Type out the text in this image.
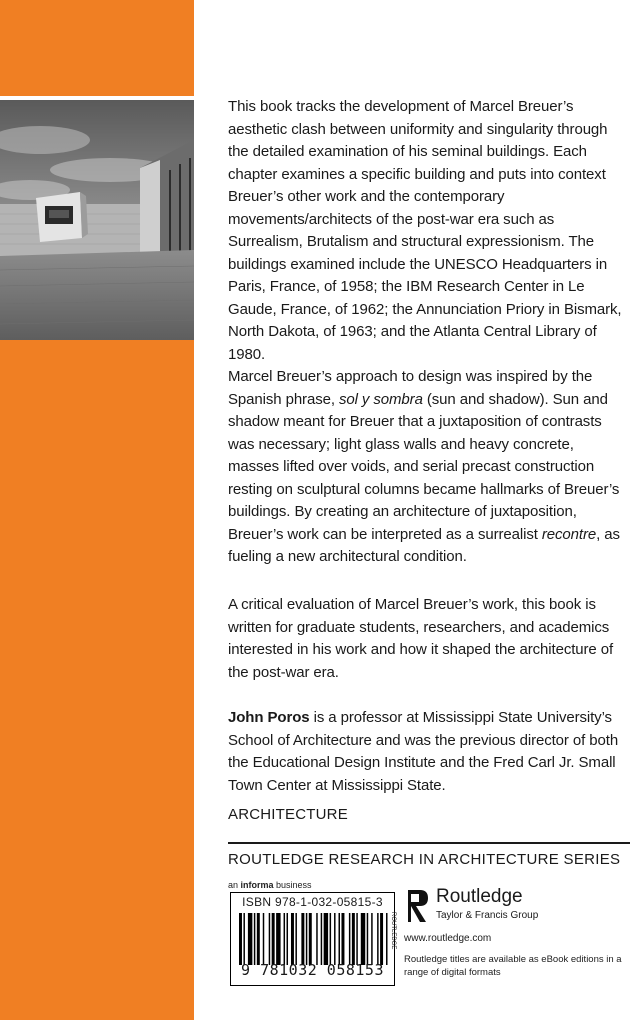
This book tracks the development of Marcel Breuer’s aesthetic clash between uniformity and singularity through the detailed examination of his seminal buildings. Each chapter examines a specific building and puts into context Breuer’s other work and the contemporary movements/architects of the post-war era such as Surrealism, Brutalism and structural expressionism. The buildings examined include the UNESCO Headquarters in Paris, France, of 1958; the IBM Research Center in Le Gaude, France, of 1962; the Annunciation Priory in Bismark, North Dakota, of 1963; and the Atlanta Central Library of 1980.

Marcel Breuer’s approach to design was inspired by the Spanish phrase, sol y sombra (sun and shadow). Sun and shadow meant for Breuer that a juxtaposition of contrasts was necessary; light glass walls and heavy concrete, masses lifted over voids, and serial precast construction resting on sculptural columns became hallmarks of Breuer’s buildings. By creating an architecture of juxtaposition, Breuer’s work can be interpreted as a surrealist recontre, as fueling a new architectural condition.

A critical evaluation of Marcel Breuer’s work, this book is written for graduate students, researchers, and academics interested in his work and how it shaped the architecture of the post-war era.

John Poros is a professor at Mississippi State University’s School of Architecture and was the previous director of both the Educational Design Institute and the Fred Carl Jr. Small Town Center at Mississippi State.

ARCHITECTURE
ROUTLEDGE RESEARCH IN ARCHITECTURE SERIES
an informa business
ISBN 978-1-032-05815-3
9 781032 058153
Routledge
Taylor & Francis Group
ROUTLEDGE www.routledge.com
Routledge titles are available as eBook editions in a range of digital formats
